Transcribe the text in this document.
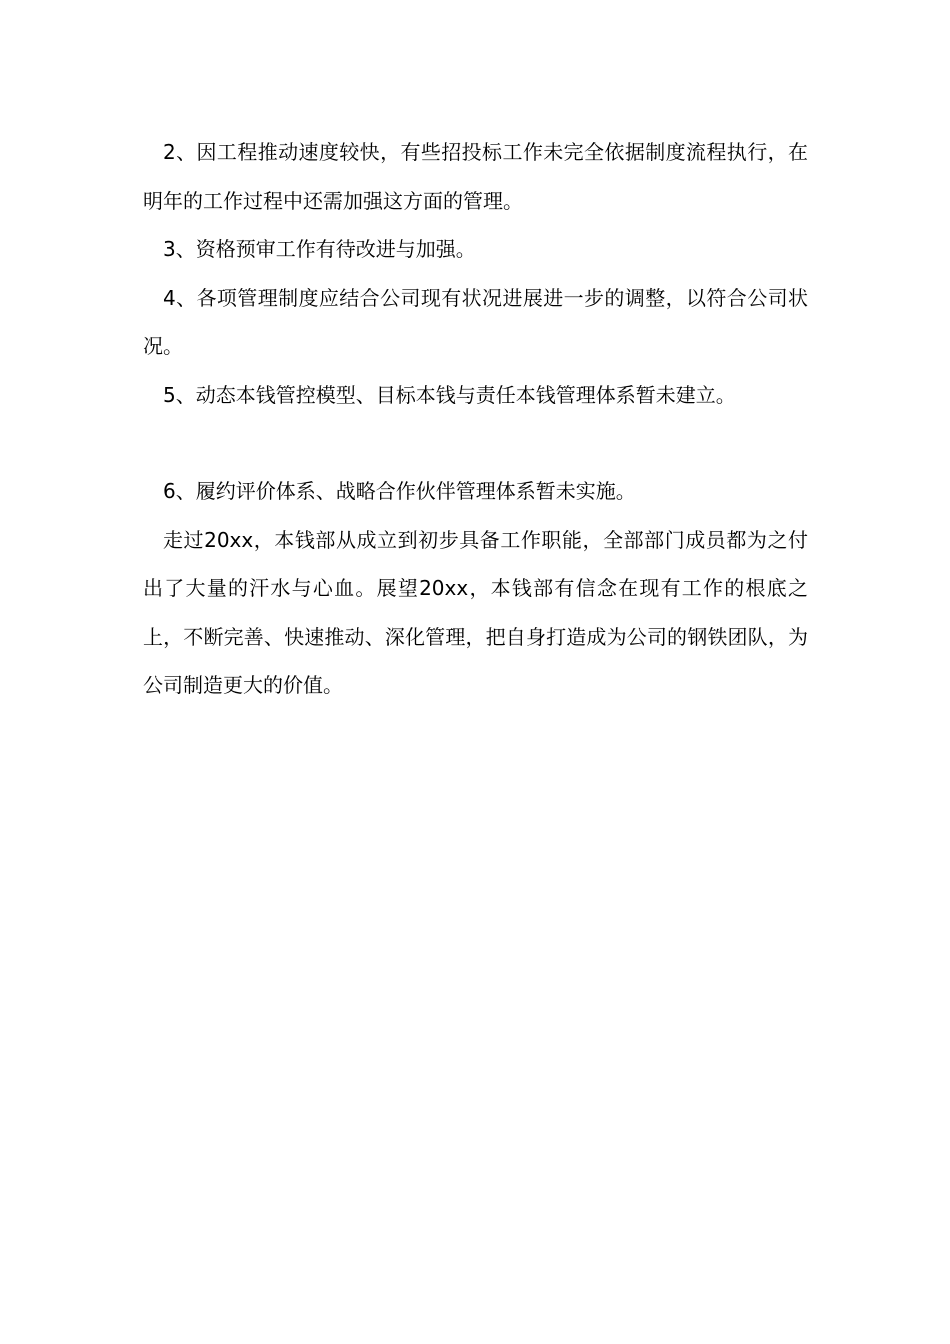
2、因工程推动速度较快，有些招投标工作未完全依据制度流程执行，在明年的工作过程中还需加强这方面的管理。

3、资格预审工作有待改进与加强。

4、各项管理制度应结合公司现有状况进展进一步的调整，以符合公司状况。

5、动态本钱管控模型、目标本钱与责任本钱管理体系暂未建立。

6、履约评价体系、战略合作伙伴管理体系暂未实施。

走过20xx，本钱部从成立到初步具备工作职能，全部部门成员都为之付出了大量的汗水与心血。展望20xx，本钱部有信念在现有工作的根底之上，不断完善、快速推动、深化管理，把自身打造成为公司的钢铁团队，为公司制造更大的价值。
